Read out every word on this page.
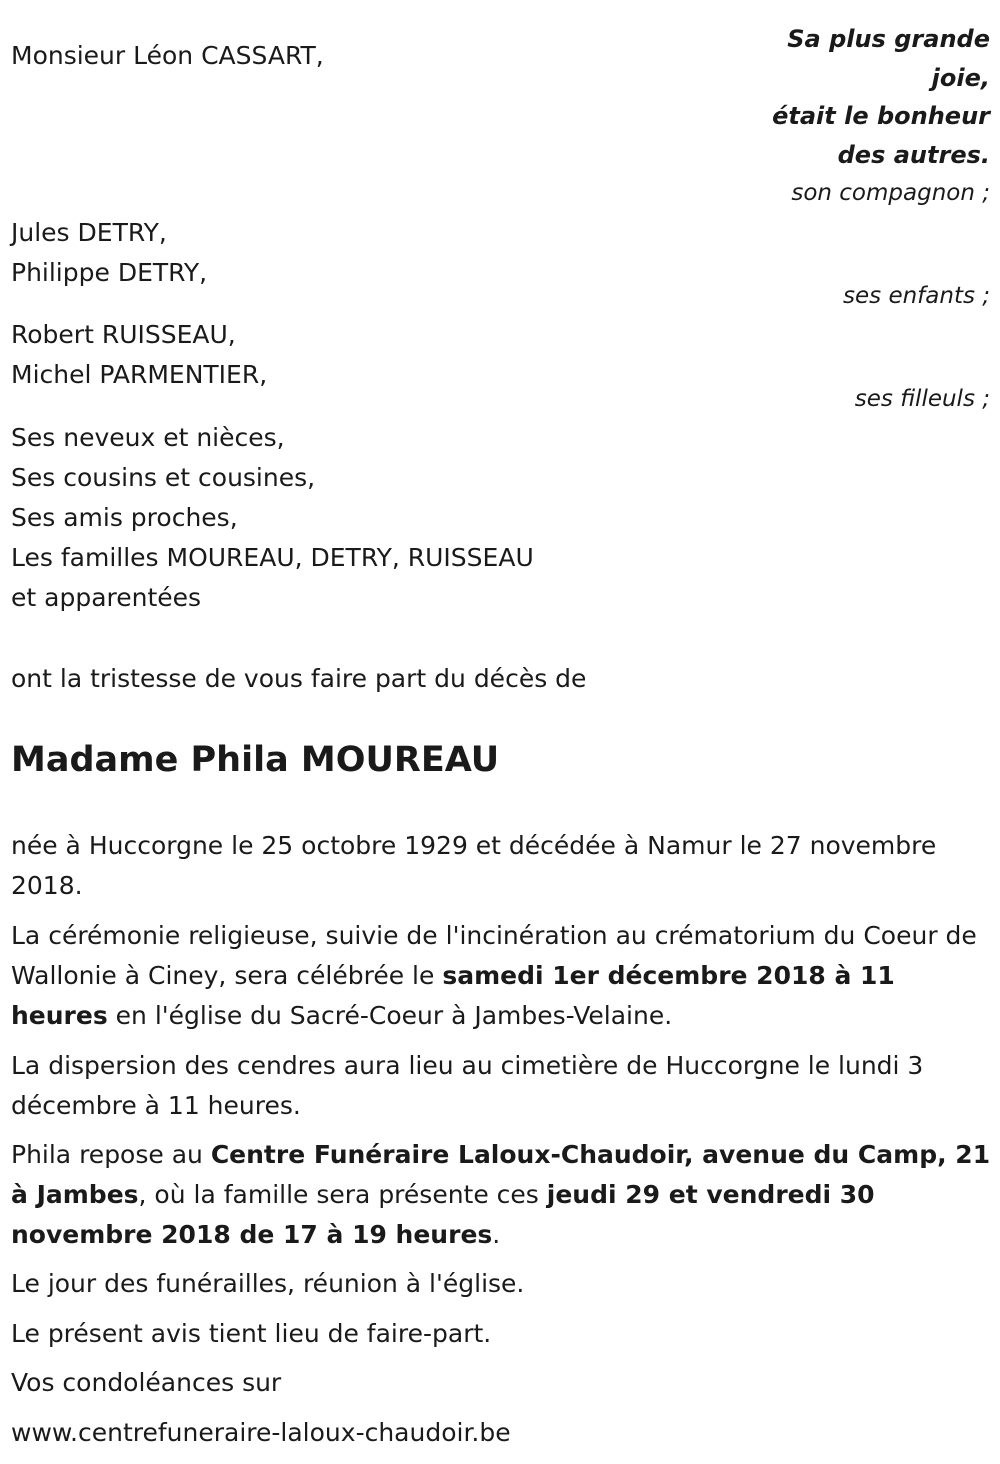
Sa plus grande
joie,
était le bonheur
des autres.
Monsieur Léon CASSART,
son compagnon ;
Jules DETRY,
Philippe DETRY,
ses enfants ;
Robert RUISSEAU,
Michel PARMENTIER,
ses filleuls ;
Ses neveux et nièces,
Ses cousins et cousines,
Ses amis proches,
Les familles MOUREAU, DETRY, RUISSEAU
et apparentées
ont la tristesse de vous faire part du décès de
Madame Phila MOUREAU
née à Huccorgne le 25 octobre 1929 et décédée à Namur le 27 novembre 2018.
La cérémonie religieuse, suivie de l'incinération au crématorium du Coeur de Wallonie à Ciney, sera célébrée le samedi 1er décembre 2018 à 11 heures en l'église du Sacré-Coeur à Jambes-Velaine.
La dispersion des cendres aura lieu au cimetière de Huccorgne le lundi 3 décembre à 11 heures.
Phila repose au Centre Funéraire Laloux-Chaudoir, avenue du Camp, 21 à Jambes, où la famille sera présente ces jeudi 29 et vendredi 30 novembre 2018 de 17 à 19 heures.
Le jour des funérailles, réunion à l'église.
Le présent avis tient lieu de faire-part.
Vos condoléances sur
www.centrefuneraire-laloux-chaudoir.be
